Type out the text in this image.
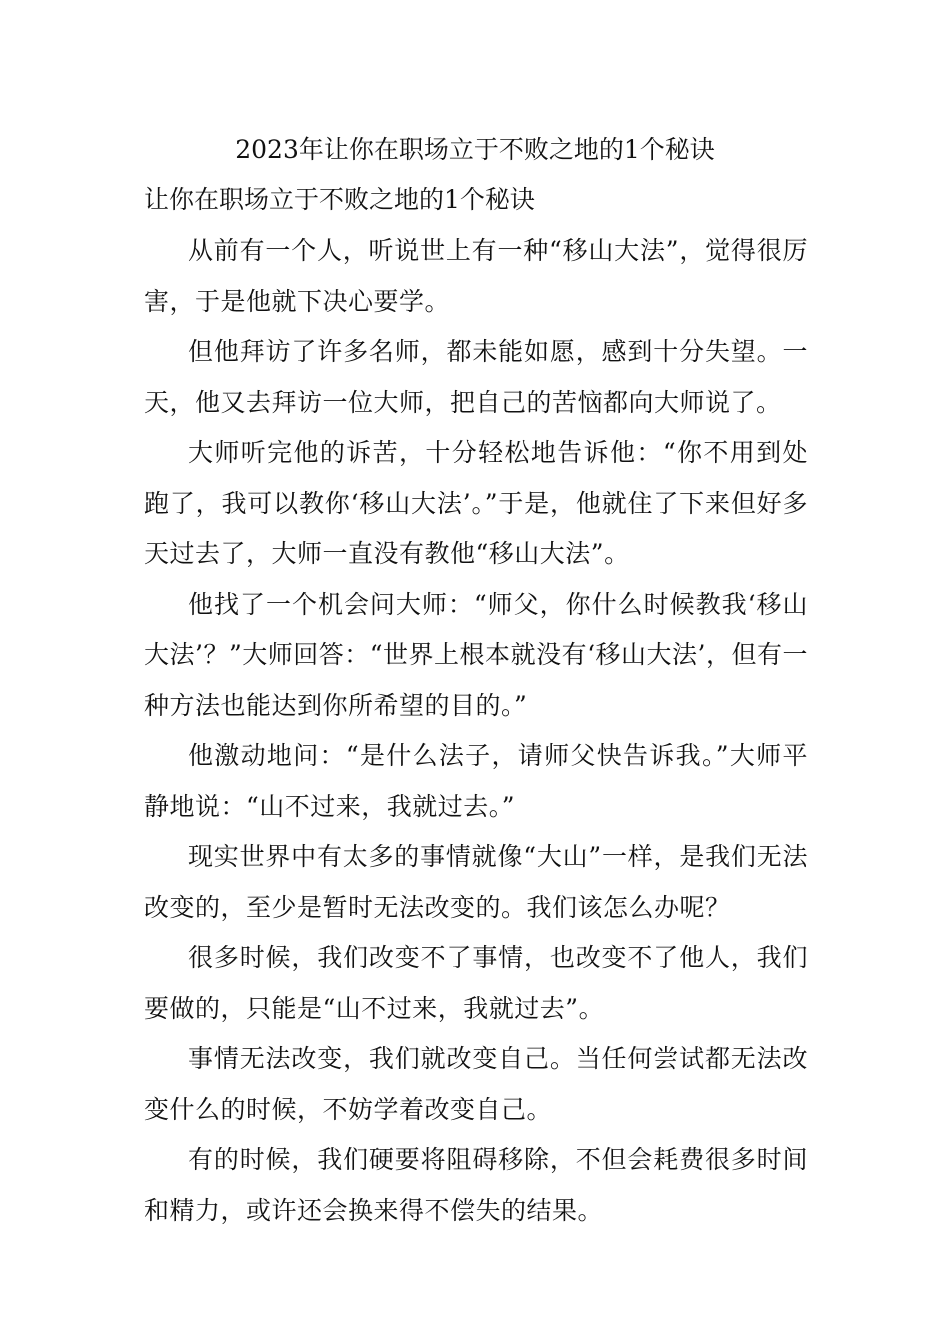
2023年让你在职场立于不败之地的1个秘诀
让你在职场立于不败之地的1个秘诀

从前有一个人，听说世上有一种“移山大法”，觉得很厉害，于是他就下决心要学。

但他拜访了许多名师，都未能如愿，感到十分失望。一天，他又去拜访一位大师，把自己的苦恼都向大师说了。

大师听完他的诉苦，十分轻松地告诉他：“你不用到处跑了，我可以教你‘移山大法’。”于是，他就住了下来但好多天过去了，大师一直没有教他“移山大法”。

他找了一个机会问大师：“师父，你什么时候教我‘移山大法’？”大师回答：“世界上根本就没有‘移山大法’，但有一种方法也能达到你所希望的目的。”

他激动地问：“是什么法子，请师父快告诉我。”大师平静地说：“山不过来，我就过去。”

现实世界中有太多的事情就像“大山”一样，是我们无法改变的，至少是暂时无法改变的。我们该怎么办呢？

很多时候，我们改变不了事情，也改变不了他人，我们要做的，只能是“山不过来，我就过去”。

事情无法改变，我们就改变自己。当任何尝试都无法改变什么的时候，不妨学着改变自己。

有的时候，我们硬要将阻碍移除，不但会耗费很多时间和精力，或许还会换来得不偿失的结果。
